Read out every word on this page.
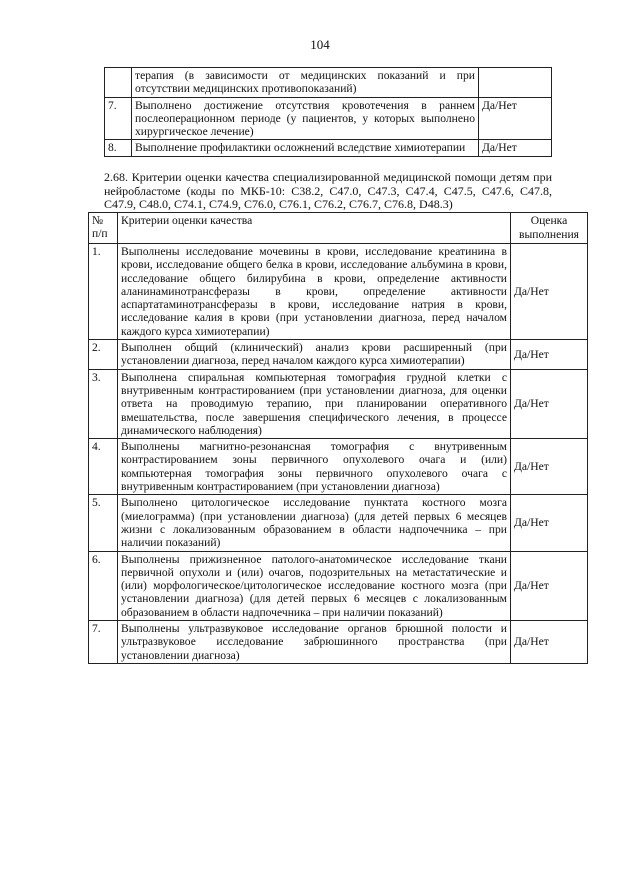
104
	терапия (в зависимости от медицинских показаний и при отсутствии медицинских противопоказаний)	
7.	Выполнено достижение отсутствия кровотечения в раннем послеоперационном периоде (у пациентов, у которых выполнено хирургическое лечение)	Да/Нет
8.	Выполнение профилактики осложнений вследствие химиотерапии	Да/Нет
2.68. Критерии оценки качества специализированной медицинской помощи детям при нейробластоме (коды по МКБ-10: C38.2, C47.0, C47.3, C47.4, C47.5, C47.6, C47.8, C47.9, C48.0, C74.1, C74.9, C76.0, C76.1, C76.2, C76.7, C76.8, D48.3)
№ п/п	Критерии оценки качества	Оценка выполнения
1.	Выполнены исследование мочевины в крови, исследование креатинина в крови, исследование общего белка в крови, исследование альбумина в крови, исследование общего билирубина в крови, определение активности аланинаминотрансферазы в крови, определение активности аспартатаминотрансферазы в крови, исследование натрия в крови, исследование калия в крови (при установлении диагноза, перед началом каждого курса химиотерапии)	Да/Нет
2.	Выполнен общий (клинический) анализ крови расширенный (при установлении диагноза, перед началом каждого курса химиотерапии)	Да/Нет
3.	Выполнена спиральная компьютерная томография грудной клетки с внутривенным контрастированием (при установлении диагноза, для оценки ответа на проводимую терапию, при планировании оперативного вмешательства, после завершения специфического лечения, в процессе динамического наблюдения)	Да/Нет
4.	Выполнены магнитно-резонансная томография с внутривенным контрастированием зоны первичного опухолевого очага и (или) компьютерная томография зоны первичного опухолевого очага с внутривенным контрастированием (при установлении диагноза)	Да/Нет
5.	Выполнено цитологическое исследование пунктата костного мозга (миелограмма) (при установлении диагноза) (для детей первых 6 месяцев жизни с локализованным образованием в области надпочечника – при наличии показаний)	Да/Нет
6.	Выполнены прижизненное патолого-анатомическое исследование ткани первичной опухоли и (или) очагов, подозрительных на метастатические и (или) морфологическое/цитологическое исследование костного мозга (при установлении диагноза) (для детей первых 6 месяцев с локализованным образованием в области надпочечника – при наличии показаний)	Да/Нет
7.	Выполнены ультразвуковое исследование органов брюшной полости и ультразвуковое исследование забрюшинного пространства (при установлении диагноза)	Да/Нет
